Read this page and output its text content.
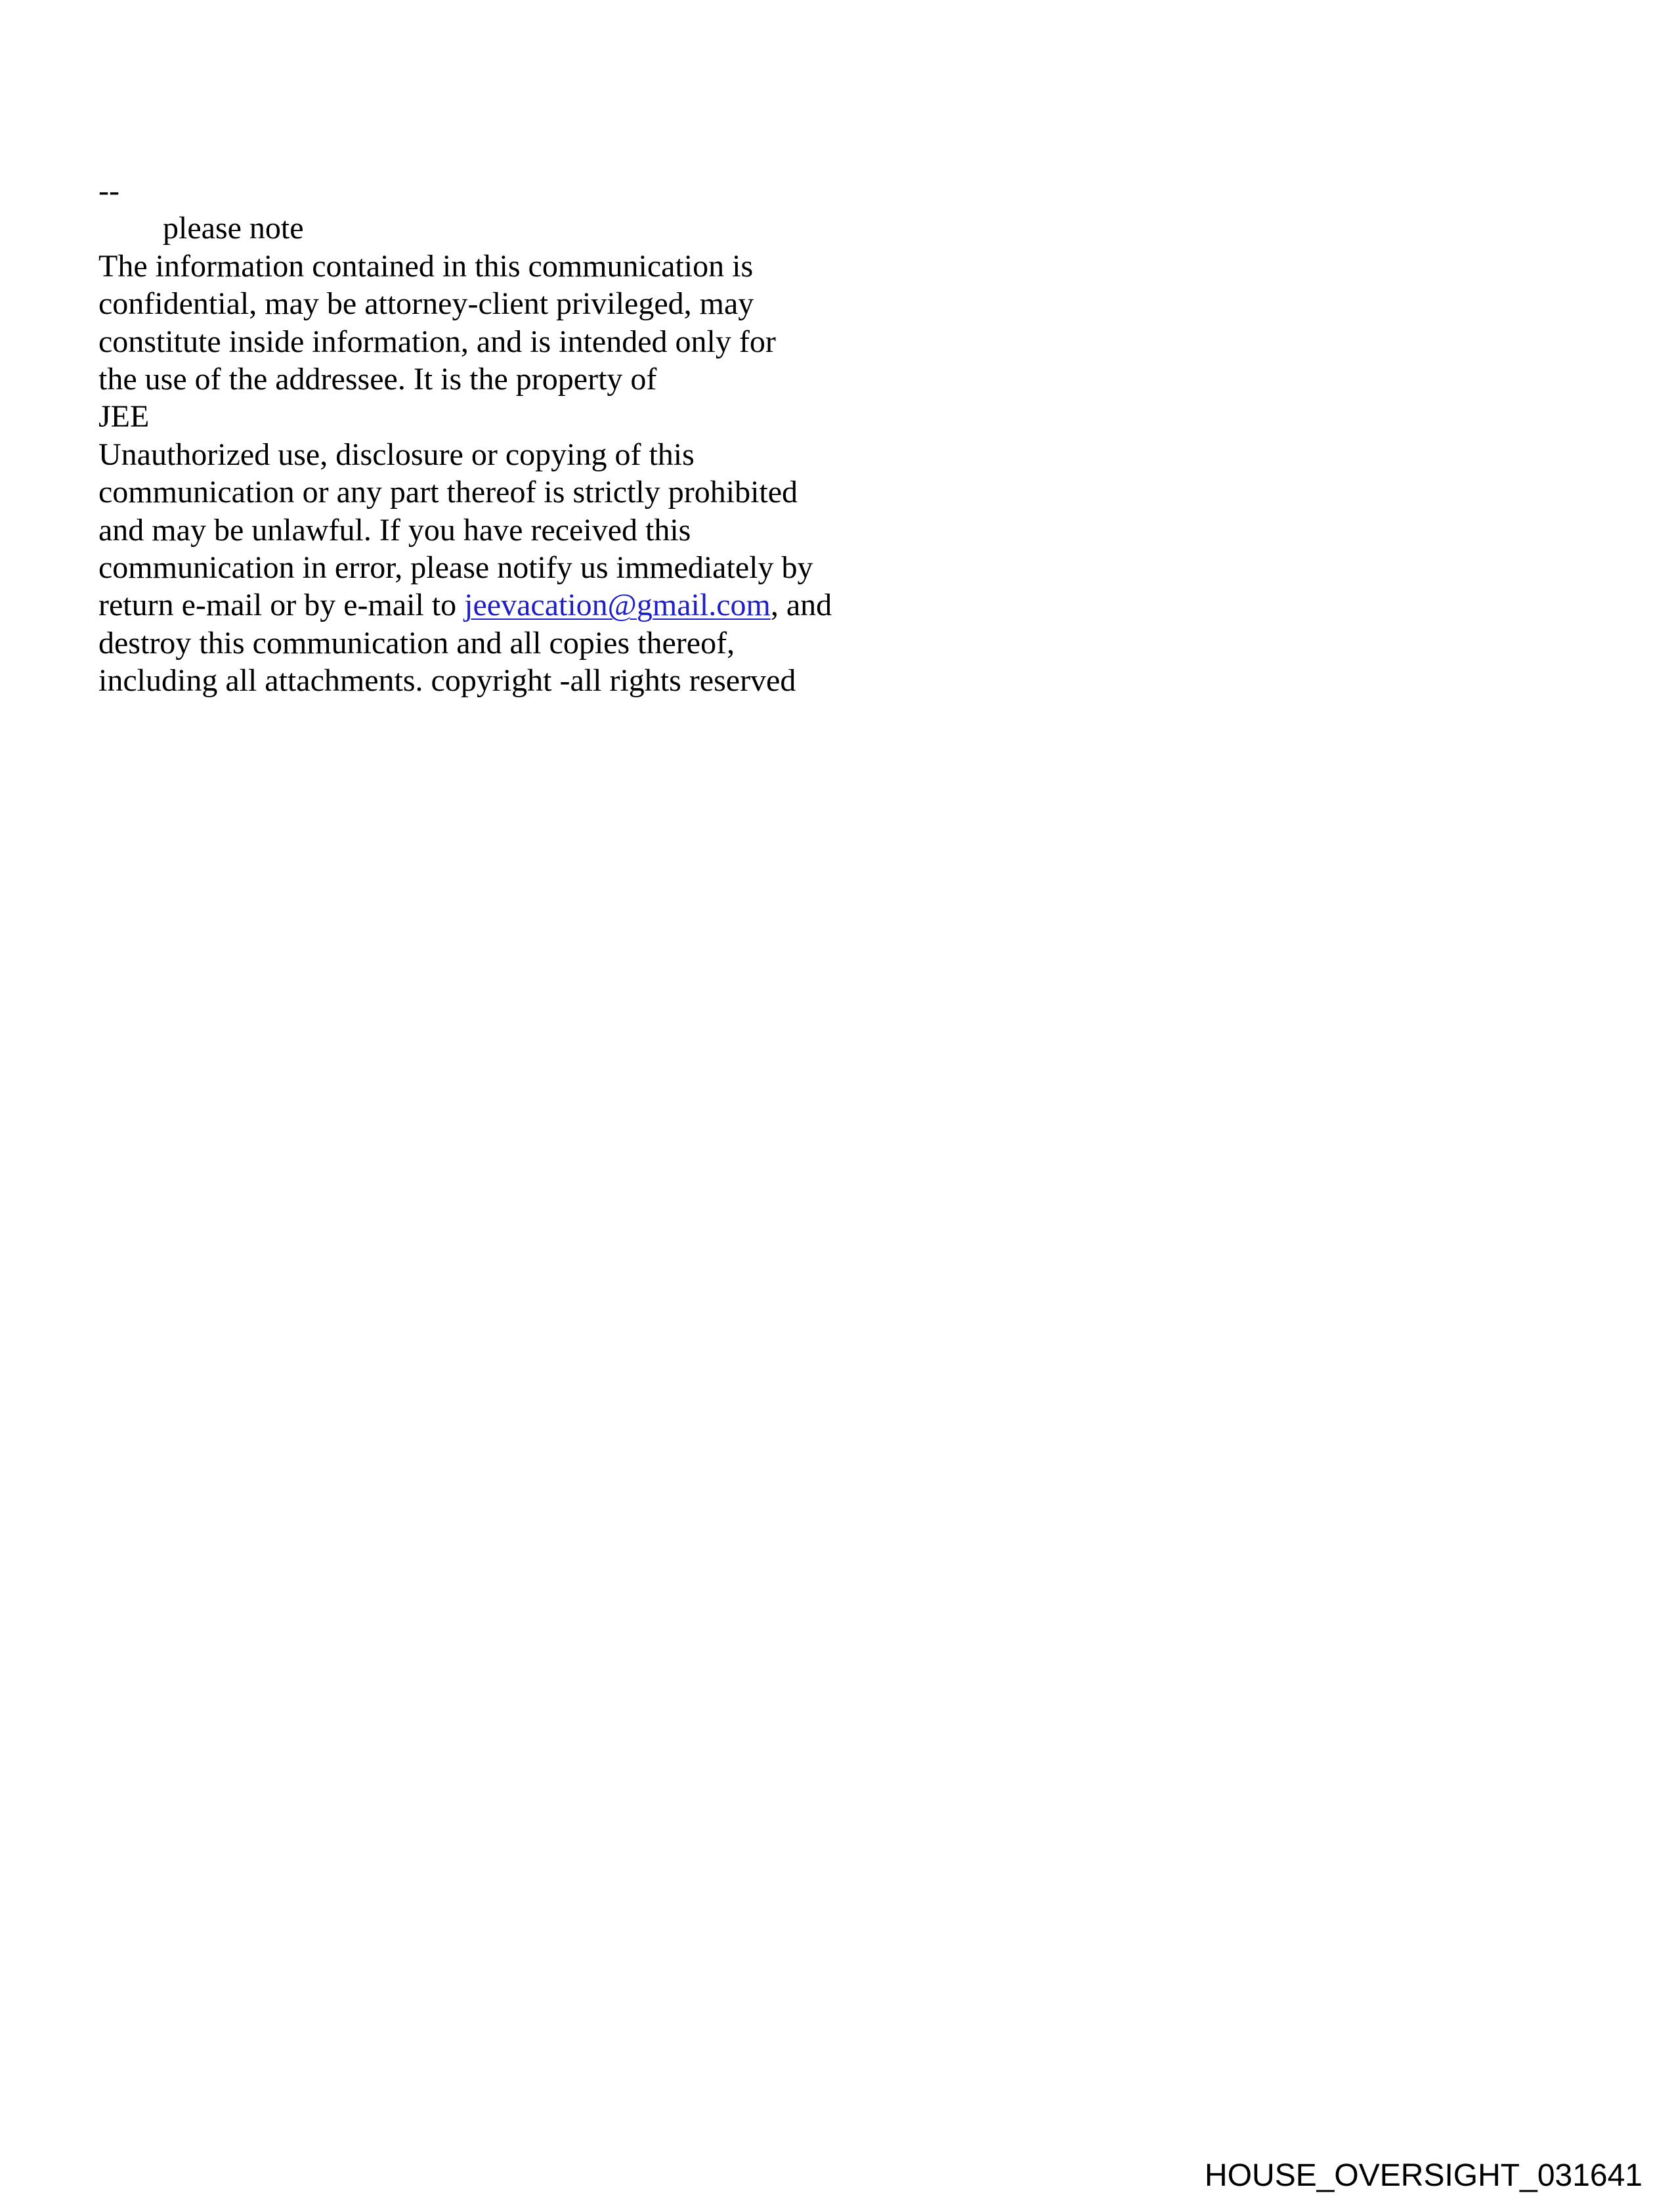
--
please note
The information contained in this communication is
confidential, may be attorney-client privileged, may
constitute inside information, and is intended only for
the use of the addressee. It is the property of
JEE
Unauthorized use, disclosure or copying of this
communication or any part thereof is strictly prohibited
and may be unlawful. If you have received this
communication in error, please notify us immediately by
return e-mail or by e-mail to jeevacation@gmail.com, and
destroy this communication and all copies thereof,
including all attachments. copyright -all rights reserved
HOUSE_OVERSIGHT_031641
